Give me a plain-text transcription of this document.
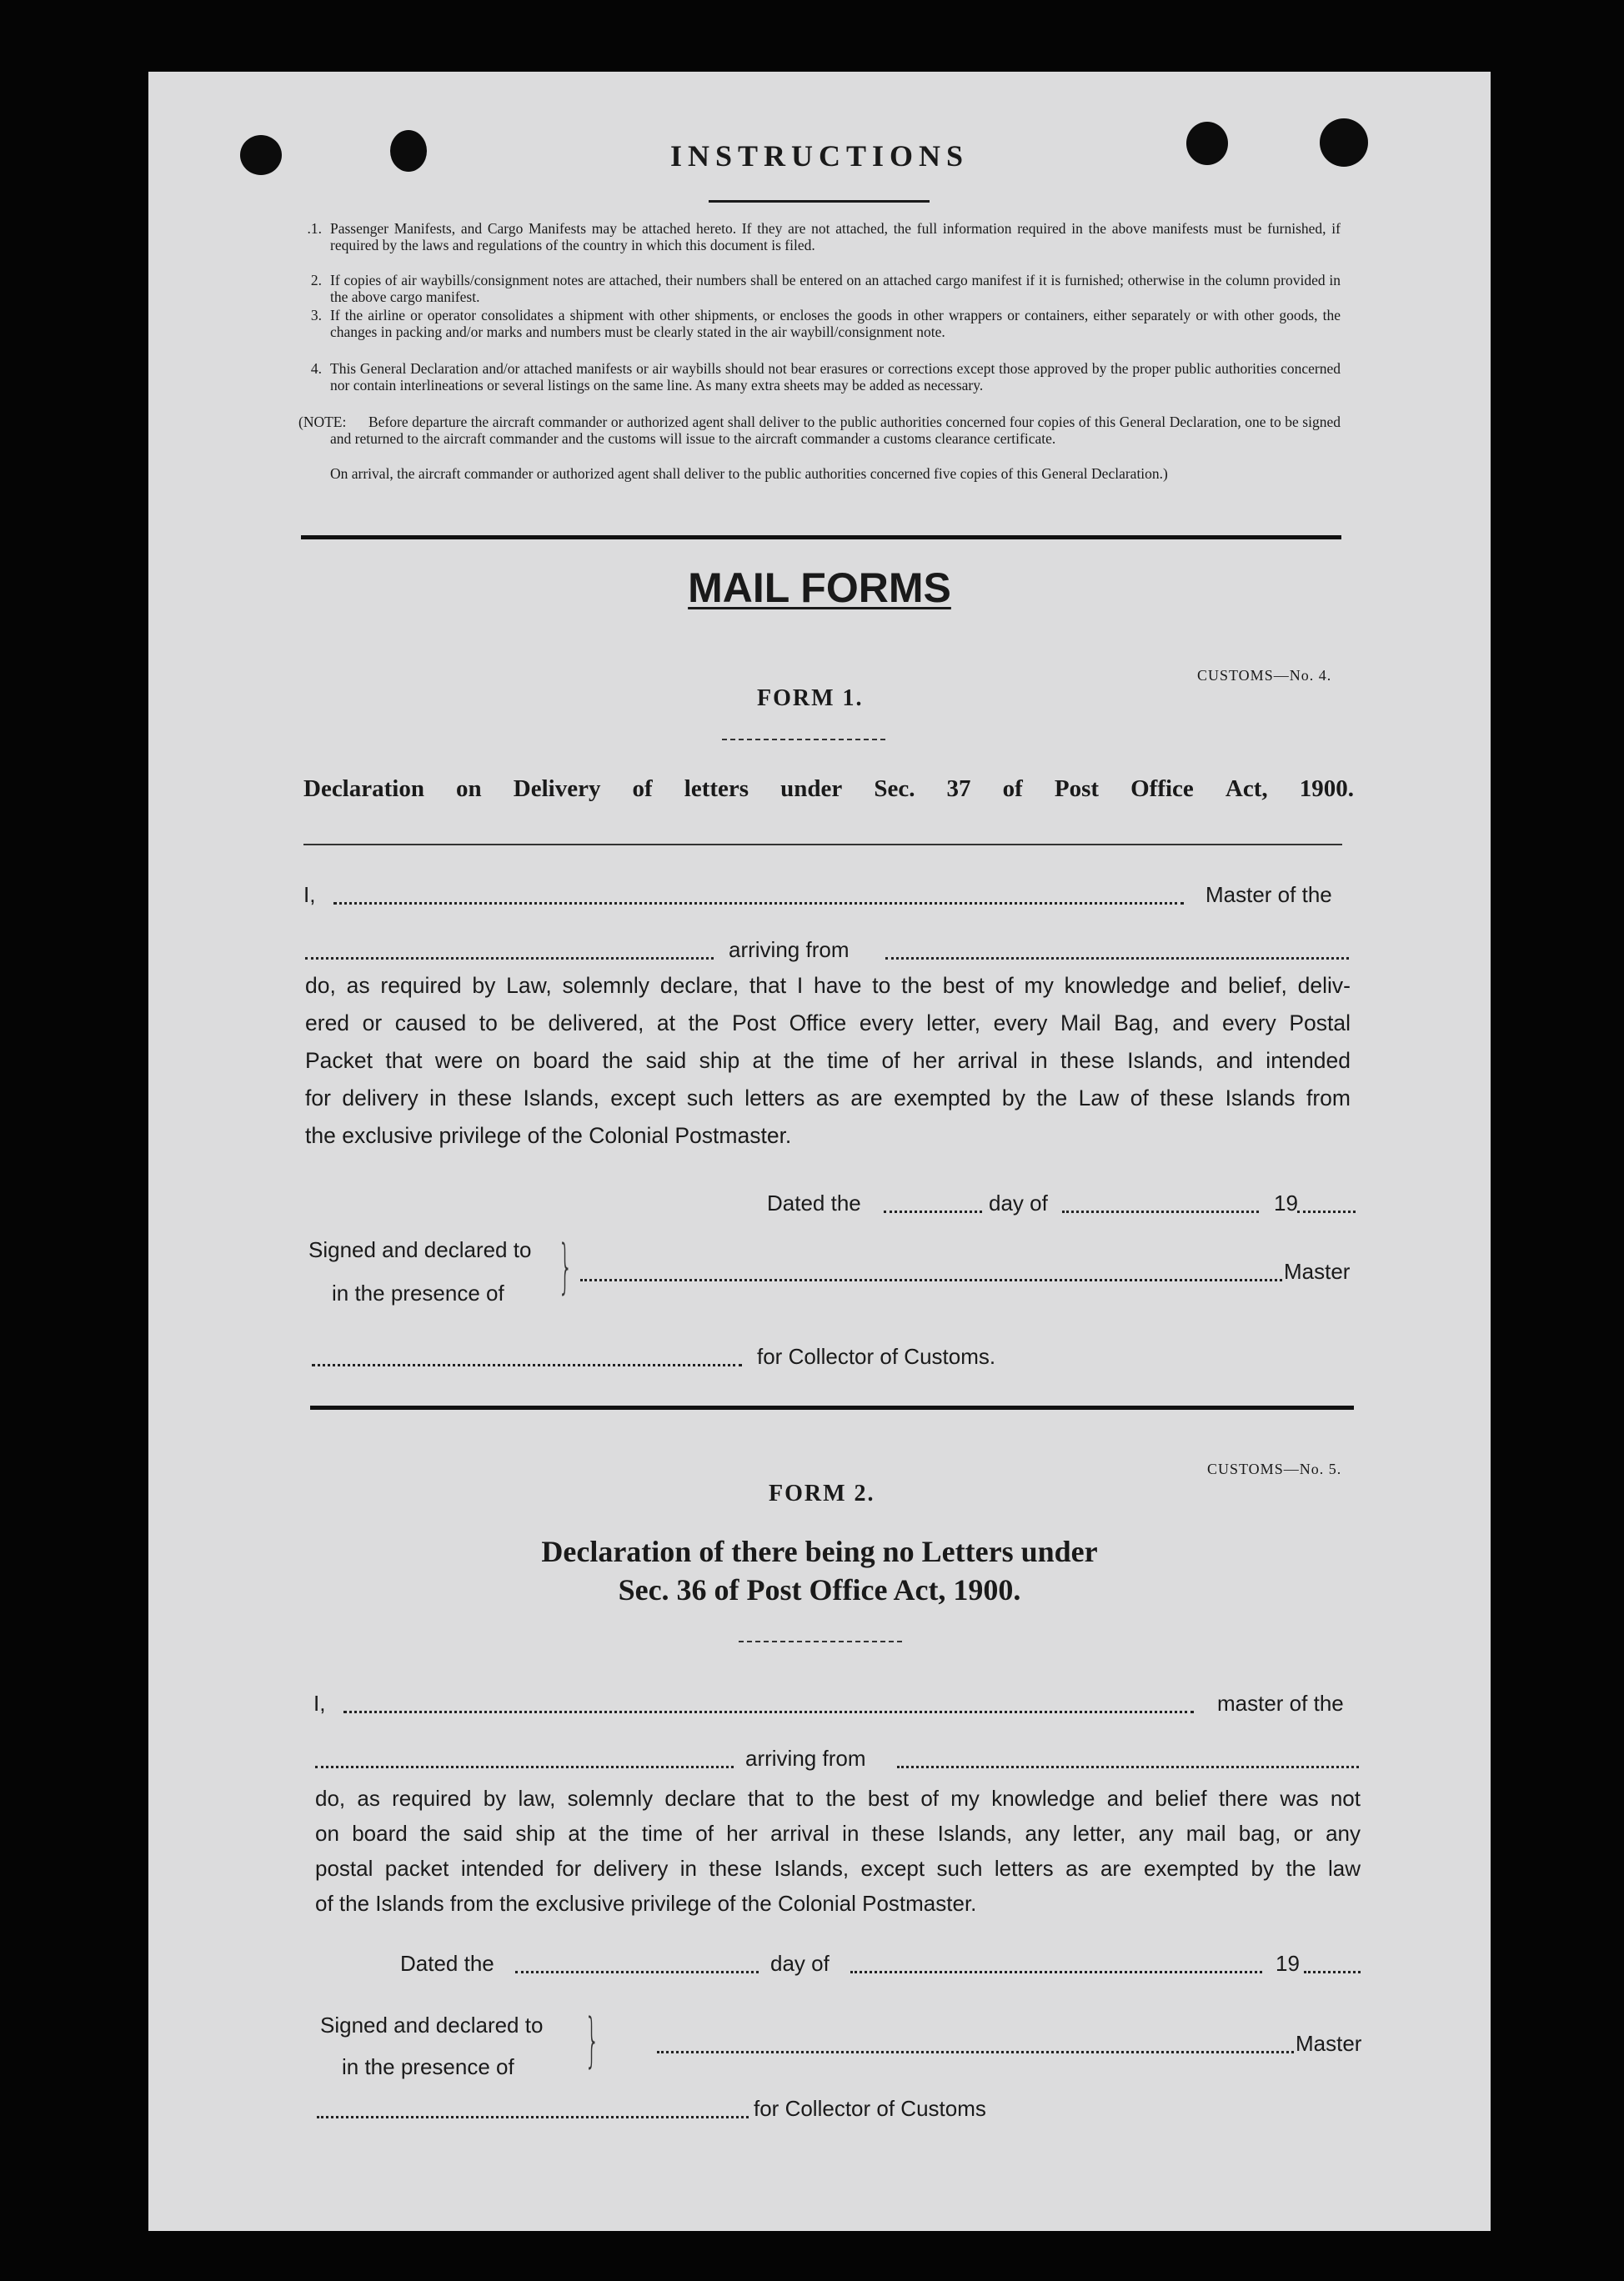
INSTRUCTIONS
.1. Passenger Manifests, and Cargo Manifests may be attached hereto. If they are not attached, the full information required in the above manifests must be furnished, if required by the laws and regulations of the country in which this document is filed.
2. If copies of air waybills/consignment notes are attached, their numbers shall be entered on an attached cargo manifest if it is furnished; otherwise in the column provided in the above cargo manifest.
3. If the airline or operator consolidates a shipment with other shipments, or encloses the goods in other wrappers or containers, either separately or with other goods, the changes in packing and/or marks and numbers must be clearly stated in the air waybill/consignment note.
4. This General Declaration and/or attached manifests or air waybills should not bear erasures or corrections except those approved by the proper public authorities concerned nor contain interlineations or several listings on the same line. As many extra sheets may be added as necessary.
(NOTE:	Before departure the aircraft commander or authorized agent shall deliver to the public authorities concerned four copies of this General Declaration, one to be signed and returned to the aircraft commander and the customs will issue to the aircraft commander a customs clearance certificate.
On arrival, the aircraft commander or authorized agent shall deliver to the public authorities concerned five copies of this General Declaration.)
MAIL FORMS
CUSTOMS—No. 4.
FORM 1.
Declaration on Delivery of letters under Sec. 37 of Post Office Act, 1900.
I,	Master of the
arriving from
do, as required by Law, solemnly declare, that I have to the best of my knowledge and belief, deliv-
ered or caused to be delivered, at the Post Office every letter, every Mail Bag, and every Postal
Packet that were on board the said ship at the time of her arrival in these Islands, and intended
for delivery in these Islands, except such letters as are exempted by the Law of these Islands from
the exclusive privilege of the Colonial Postmaster.
Dated the	day of	19
Signed and declared to
in the presence of }	Master
for Collector of Customs.
CUSTOMS—No. 5.
FORM 2.
Declaration of there being no Letters under
Sec. 36 of Post Office Act, 1900.
I,	master of the
arriving from
do, as required by law, solemnly declare that to the best of my knowledge and belief there was not
on board the said ship at the time of her arrival in these Islands, any letter, any mail bag, or any
postal packet intended for delivery in these Islands, except such letters as are exempted by the law
of the Islands from the exclusive privilege of the Colonial Postmaster.
Dated the	day of	19
Signed and declared to
in the presence of }	Master
for Collector of Customs
